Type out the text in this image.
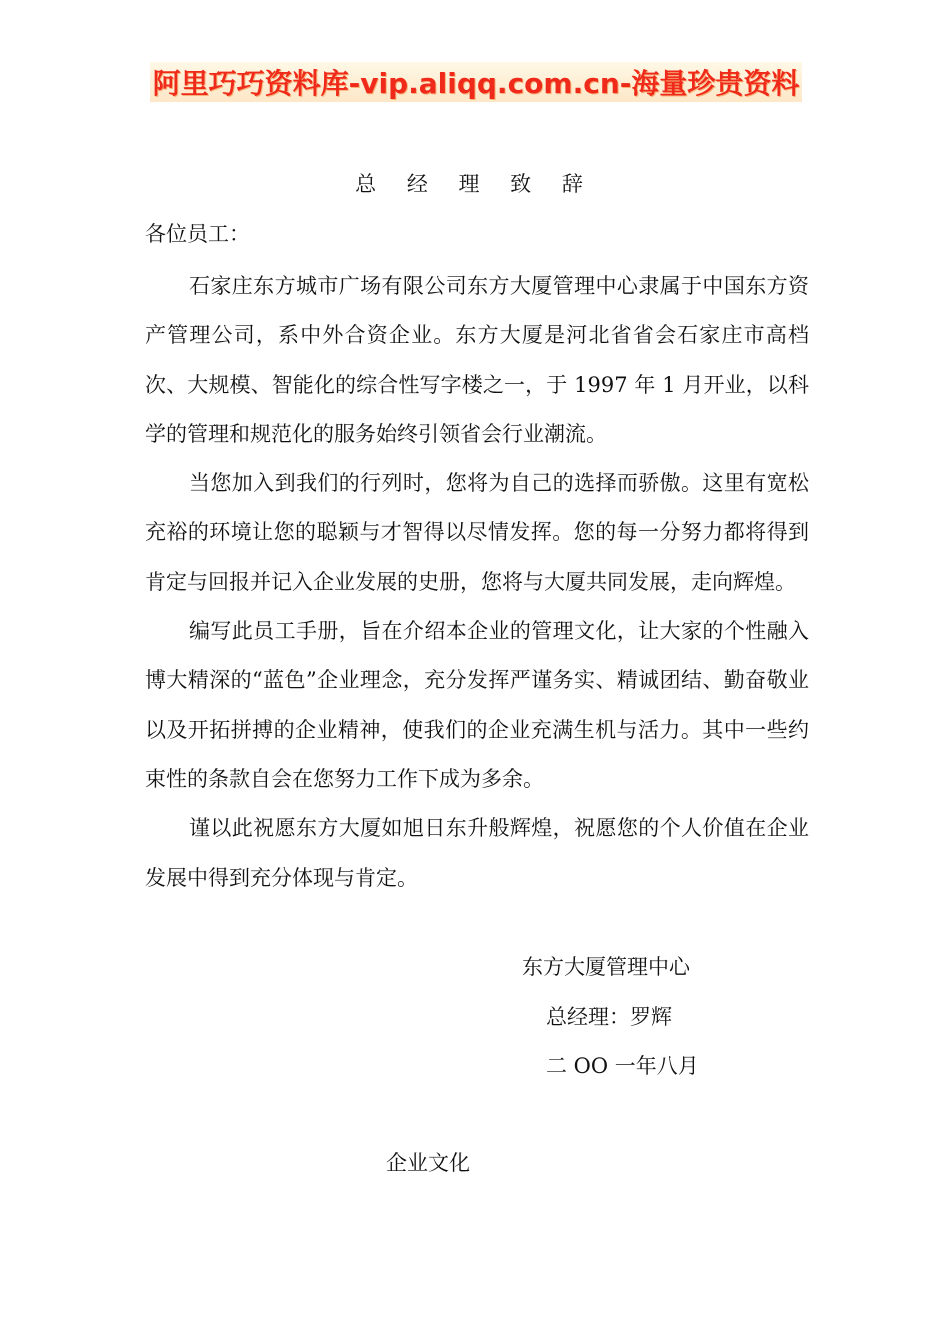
阿里巧巧资料库-vip.aliqq.com.cn-海量珍贵资料
总 经 理 致 辞
各位员工：

石家庄东方城市广场有限公司东方大厦管理中心隶属于中国东方资产管理公司，系中外合资企业。东方大厦是河北省省会石家庄市高档次、大规模、智能化的综合性写字楼之一，于 1997 年 1 月开业，以科学的管理和规范化的服务始终引领省会行业潮流。

当您加入到我们的行列时，您将为自己的选择而骄傲。这里有宽松充裕的环境让您的聪颖与才智得以尽情发挥。您的每一分努力都将得到肯定与回报并记入企业发展的史册，您将与大厦共同发展，走向辉煌。

编写此员工手册，旨在介绍本企业的管理文化，让大家的个性融入博大精深的“蓝色”企业理念，充分发挥严谨务实、精诚团结、勤奋敬业以及开拓拼搏的企业精神，使我们的企业充满生机与活力。其中一些约束性的条款自会在您努力工作下成为多余。

谨以此祝愿东方大厦如旭日东升般辉煌，祝愿您的个人价值在企业发展中得到充分体现与肯定。

东方大厦管理中心
总经理：罗辉
二 OO 一年八月
企业文化
